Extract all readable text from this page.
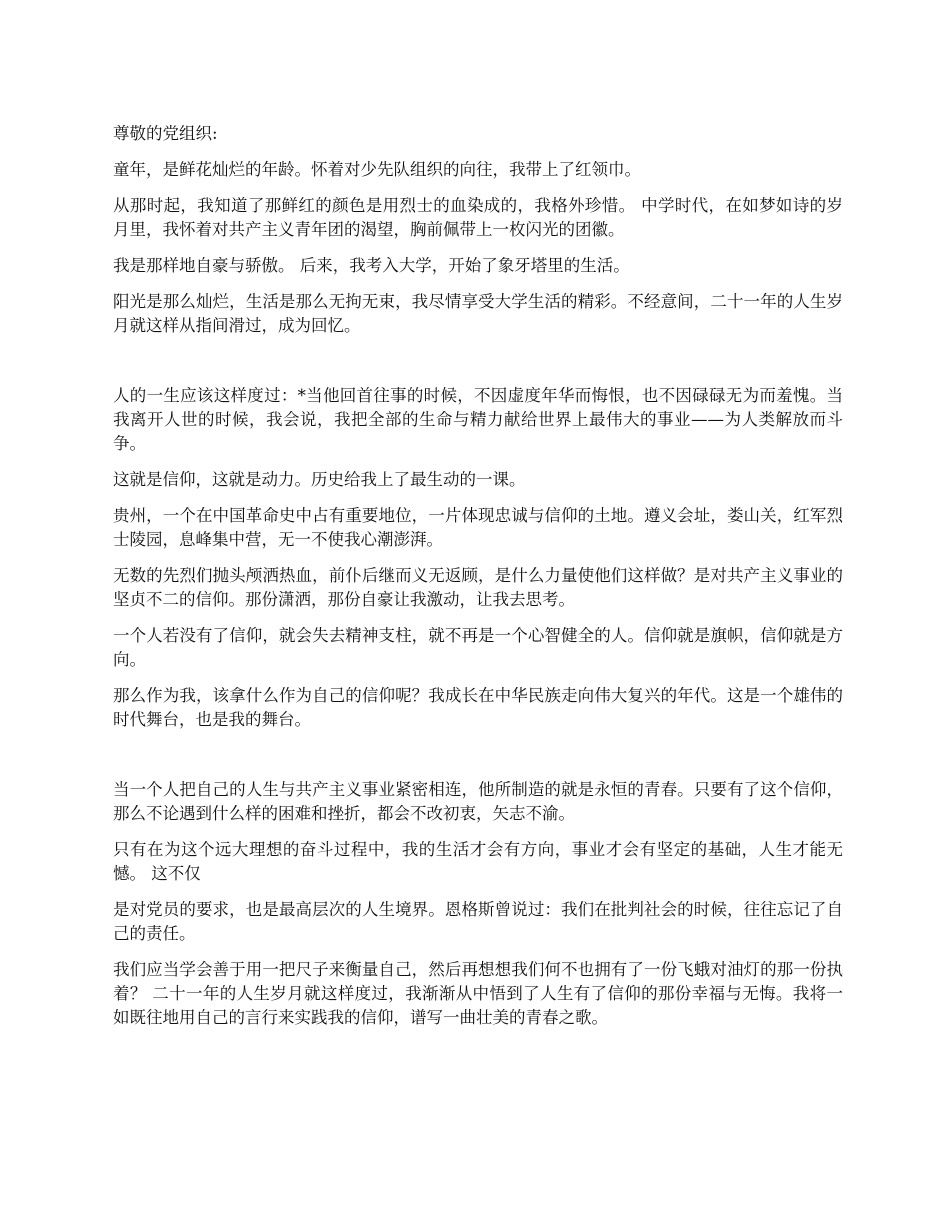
尊敬的党组织:

童年，是鲜花灿烂的年龄。怀着对少先队组织的向往，我带上了红领巾。

从那时起，我知道了那鲜红的颜色是用烈士的血染成的，我格外珍惜。 中学时代，在如梦如诗的岁月里，我怀着对共产主义青年团的渴望，胸前佩带上一枚闪光的团徽。

我是那样地自豪与骄傲。 后来，我考入大学，开始了象牙塔里的生活。

阳光是那么灿烂，生活是那么无拘无束，我尽情享受大学生活的精彩。不经意间，二十一年的人生岁月就这样从指间滑过，成为回忆。

人的一生应该这样度过：*当他回首往事的时候，不因虚度年华而悔恨，也不因碌碌无为而羞愧。当我离开人世的时候，我会说，我把全部的生命与精力献给世界上最伟大的事业——为人类解放而斗争。

这就是信仰，这就是动力。历史给我上了最生动的一课。

贵州，一个在中国革命史中占有重要地位，一片体现忠诚与信仰的土地。遵义会址，娄山关，红军烈士陵园，息峰集中营，无一不使我心潮澎湃。

无数的先烈们抛头颅洒热血，前仆后继而义无返顾，是什么力量使他们这样做？是对共产主义事业的坚贞不二的信仰。那份潇洒，那份自豪让我激动，让我去思考。

一个人若没有了信仰，就会失去精神支柱，就不再是一个心智健全的人。信仰就是旗帜，信仰就是方向。

那么作为我，该拿什么作为自己的信仰呢？我成长在中华民族走向伟大复兴的年代。这是一个雄伟的时代舞台，也是我的舞台。

当一个人把自己的人生与共产主义事业紧密相连，他所制造的就是永恒的青春。只要有了这个信仰，那么不论遇到什么样的困难和挫折，都会不改初衷，矢志不渝。

只有在为这个远大理想的奋斗过程中，我的生活才会有方向，事业才会有坚定的基础，人生才能无憾。 这不仅

是对党员的要求，也是最高层次的人生境界。恩格斯曾说过：我们在批判社会的时候，往往忘记了自己的责任。

我们应当学会善于用一把尺子来衡量自己，然后再想想我们何不也拥有了一份飞蛾对油灯的那一份执着？ 二十一年的人生岁月就这样度过，我渐渐从中悟到了人生有了信仰的那份幸福与无悔。我将一如既往地用自己的言行来实践我的信仰，谱写一曲壮美的青春之歌。
